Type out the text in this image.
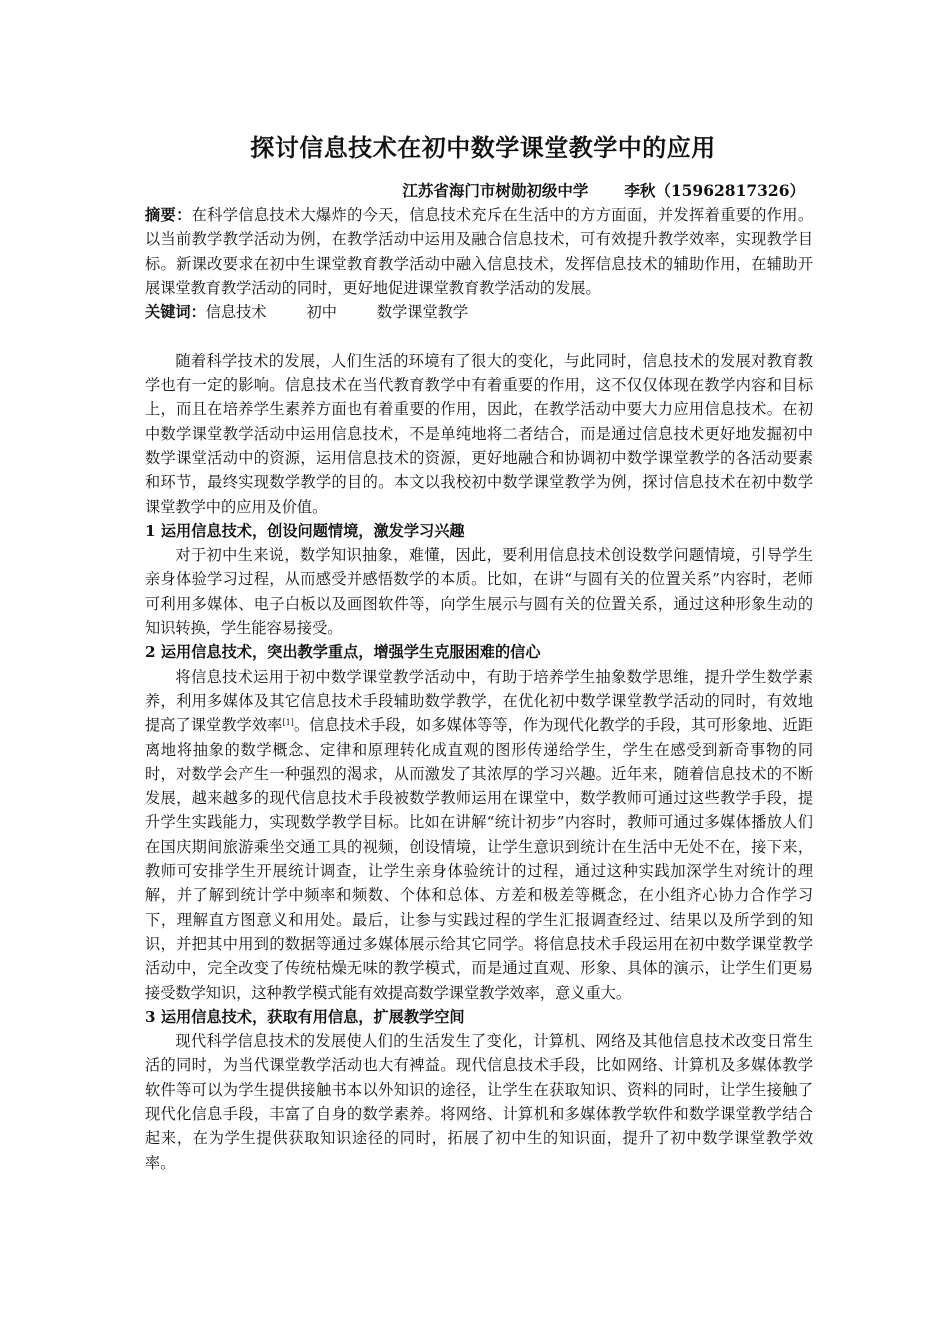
探讨信息技术在初中数学课堂教学中的应用
江苏省海门市树勋初级中学 李秋（15962817326）

摘要：在科学信息技术大爆炸的今天，信息技术充斥在生活中的方方面面，并发挥着重要的作用。以当前教学教学活动为例，在教学活动中运用及融合信息技术，可有效提升教学效率，实现教学目标。新课改要求在初中生课堂教育教学活动中融入信息技术，发挥信息技术的辅助作用，在辅助开展课堂教育教学活动的同时，更好地促进课堂教育教学活动的发展。

关键词：信息技术	初中	数学课堂教学

随着科学技术的发展，人们生活的环境有了很大的变化，与此同时，信息技术的发展对教育教学也有一定的影响。信息技术在当代教育教学中有着重要的作用，这不仅仅体现在教学内容和目标上，而且在培养学生素养方面也有着重要的作用，因此，在教学活动中要大力应用信息技术。在初中数学课堂教学活动中运用信息技术，不是单纯地将二者结合，而是通过信息技术更好地发掘初中数学课堂活动中的资源，运用信息技术的资源，更好地融合和协调初中数学课堂教学的各活动要素和环节，最终实现数学教学的目的。本文以我校初中数学课堂教学为例，探讨信息技术在初中数学课堂教学中的应用及价值。

1 运用信息技术，创设问题情境，激发学习兴趣

对于初中生来说，数学知识抽象，难懂，因此，要利用信息技术创设数学问题情境，引导学生亲身体验学习过程，从而感受并感悟数学的本质。比如，在讲“与圆有关的位置关系”内容时，老师可利用多媒体、电子白板以及画图软件等，向学生展示与圆有关的位置关系，通过这种形象生动的知识转换，学生能容易接受。

2 运用信息技术，突出教学重点，增强学生克服困难的信心

将信息技术运用于初中数学课堂教学活动中，有助于培养学生抽象数学思维，提升学生数学素养，利用多媒体及其它信息技术手段辅助数学教学，在优化初中数学课堂教学活动的同时，有效地提高了课堂教学效率[1]。信息技术手段，如多媒体等等，作为现代化教学的手段，其可形象地、近距离地将抽象的数学概念、定律和原理转化成直观的图形传递给学生，学生在感受到新奇事物的同时，对数学会产生一种强烈的渴求，从而激发了其浓厚的学习兴趣。近年来，随着信息技术的不断发展，越来越多的现代信息技术手段被数学教师运用在课堂中，数学教师可通过这些教学手段，提升学生实践能力，实现数学教学目标。比如在讲解“统计初步”内容时，教师可通过多媒体播放人们在国庆期间旅游乘坐交通工具的视频，创设情境，让学生意识到统计在生活中无处不在，接下来，教师可安排学生开展统计调查，让学生亲身体验统计的过程，通过这种实践加深学生对统计的理解，并了解到统计学中频率和频数、个体和总体、方差和极差等概念，在小组齐心协力合作学习下，理解直方图意义和用处。最后，让参与实践过程的学生汇报调查经过、结果以及所学到的知识，并把其中用到的数据等通过多媒体展示给其它同学。将信息技术手段运用在初中数学课堂教学活动中，完全改变了传统枯燥无味的教学模式，而是通过直观、形象、具体的演示，让学生们更易接受数学知识，这种教学模式能有效提高数学课堂教学效率，意义重大。

3 运用信息技术，获取有用信息，扩展教学空间

现代科学信息技术的发展使人们的生活发生了变化，计算机、网络及其他信息技术改变日常生活的同时，为当代课堂教学活动也大有裨益。现代信息技术手段，比如网络、计算机及多媒体教学软件等可以为学生提供接触书本以外知识的途径，让学生在获取知识、资料的同时，让学生接触了现代化信息手段，丰富了自身的数学素养。将网络、计算机和多媒体教学软件和数学课堂教学结合起来，在为学生提供获取知识途径的同时，拓展了初中生的知识面，提升了初中数学课堂教学效率。
